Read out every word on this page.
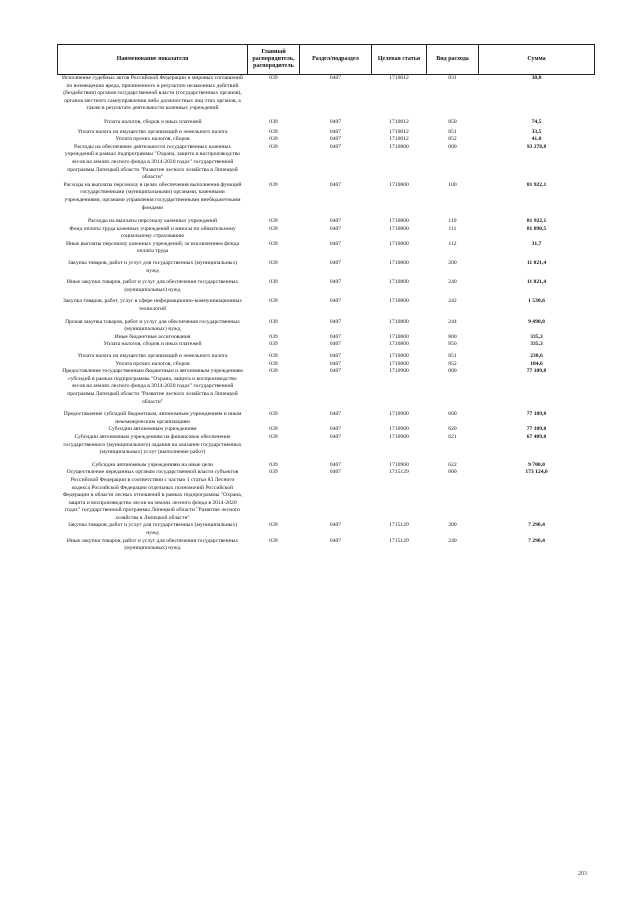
Наименование показателя	Главный распорядитель, распорядитель	Раздел/подраздел	Целевая статья	Вид расхода	Сумма
Исполнение судебных актов Российской Федерации и мировых соглашений по возмещению вреда, причиненного в результате незаконных действий (бездействия) органов государственной власти (государственных органов), органов местного самоуправления либо должностных лиц этих органов, а также в результате деятельности казенных учреждений	039	0407	1710012	831	30,0
Уплата налогов, сборов и иных платежей	039	0407	1710012	850	74,5
Уплата налога на имущество организаций и земельного налога	039	0407	1710012	851	33,5
Уплата прочих налогов, сборов	039	0407	1710012	852	41,0
Расходы на обеспечение деятельности государственных казенных учреждений в рамках подпрограммы "Охрана, защита и воспроизводство лесов на землях лесного фонда в 2014-2020 годах" государственной программы Липецкой области "Развитие лесного хозяйства в Липецкой области"	039	0407	1710800	000	93 278,8
Расходы на выплаты персоналу в целях обеспечения выполнения функций государственными (муниципальными) органами, казенными учреждениями, органами управления государственными внебюджетными фондами	039	0407	1710800	100	81 922,1
Расходы на выплаты персоналу казенных учреждений	039	0407	1710800	110	81 922,1
Фонд оплаты труда казенных учреждений и взносы по обязательному социальному страхованию	039	0407	1710800	111	81 890,5
Иные выплаты персоналу казенных учреждений, за исключением фонда оплаты труда	039	0407	1710800	112	31,7
Закупка товаров, работ и услуг для государственных (муниципальных) нужд	039	0407	1710800	200	11 021,4
Иные закупки товаров, работ и услуг для обеспечения государственных (муниципальных) нужд	039	0407	1710800	240	11 021,4
Закупка товаров, работ, услуг в сфере информационно-коммуникационных технологий	039	0407	1710800	242	1 530,6
Прочая закупка товаров, работ и услуг для обеспечения государственных (муниципальных) нужд	039	0407	1710800	244	9 490,8
Иные бюджетные ассигнования	039	0407	1710800	800	335,3
Уплата налогов, сборов и иных платежей	039	0407	1710800	850	335,3
Уплата налога на имущество организаций и земельного налога	039	0407	1710800	851	230,6
Уплата прочих налогов, сборов	039	0407	1710800	852	104,6
Предоставление государственным бюджетным и автономным учреждениям субсидий в рамках подпрограммы "Охрана, защита и воспроизводство лесов на землях лесного фонда в 2014-2020 годах" государственной программы Липецкой области "Развитие лесного хозяйства в Липецкой области"	039	0407	1710900	000	77 109,8
Предоставление субсидий бюджетным, автономным учреждениям и иным некоммерческим организациям	039	0407	1710900	600	77 109,8
Субсидии автономным учреждениям	039	0407	1710900	620	77 109,8
Субсидии автономным учреждениям на финансовое обеспечение государственного (муниципального) задания на оказание государственных (муниципальных) услуг (выполнение работ)	039	0407	1710900	621	67 409,8
Субсидии автономным учреждениям на иные цели	039	0407	1710900	622	9 700,0
Осуществление переданных органам государственной власти субъектов Российской Федерации в соответствии с частью 1 статьи 83 Лесного кодекса Российской Федерации отдельных полномочий Российской Федерации в области лесных отношений в рамках подпрограммы "Охрана, защита и воспроизводство лесов на землях лесного фонда в 2014-2020 годах" государственной программы Липецкой области "Развитие лесного хозяйства в Липецкой области"	039	0407	1715129	000	173 124,0
Закупка товаров, работ и услуг для государственных (муниципальных) нужд	039	0407	1715129	200	7 290,4
Иные закупки товаров, работ и услуг для обеспечения государственных (муниципальных) нужд	039	0407	1715129	240	7 290,4
203
